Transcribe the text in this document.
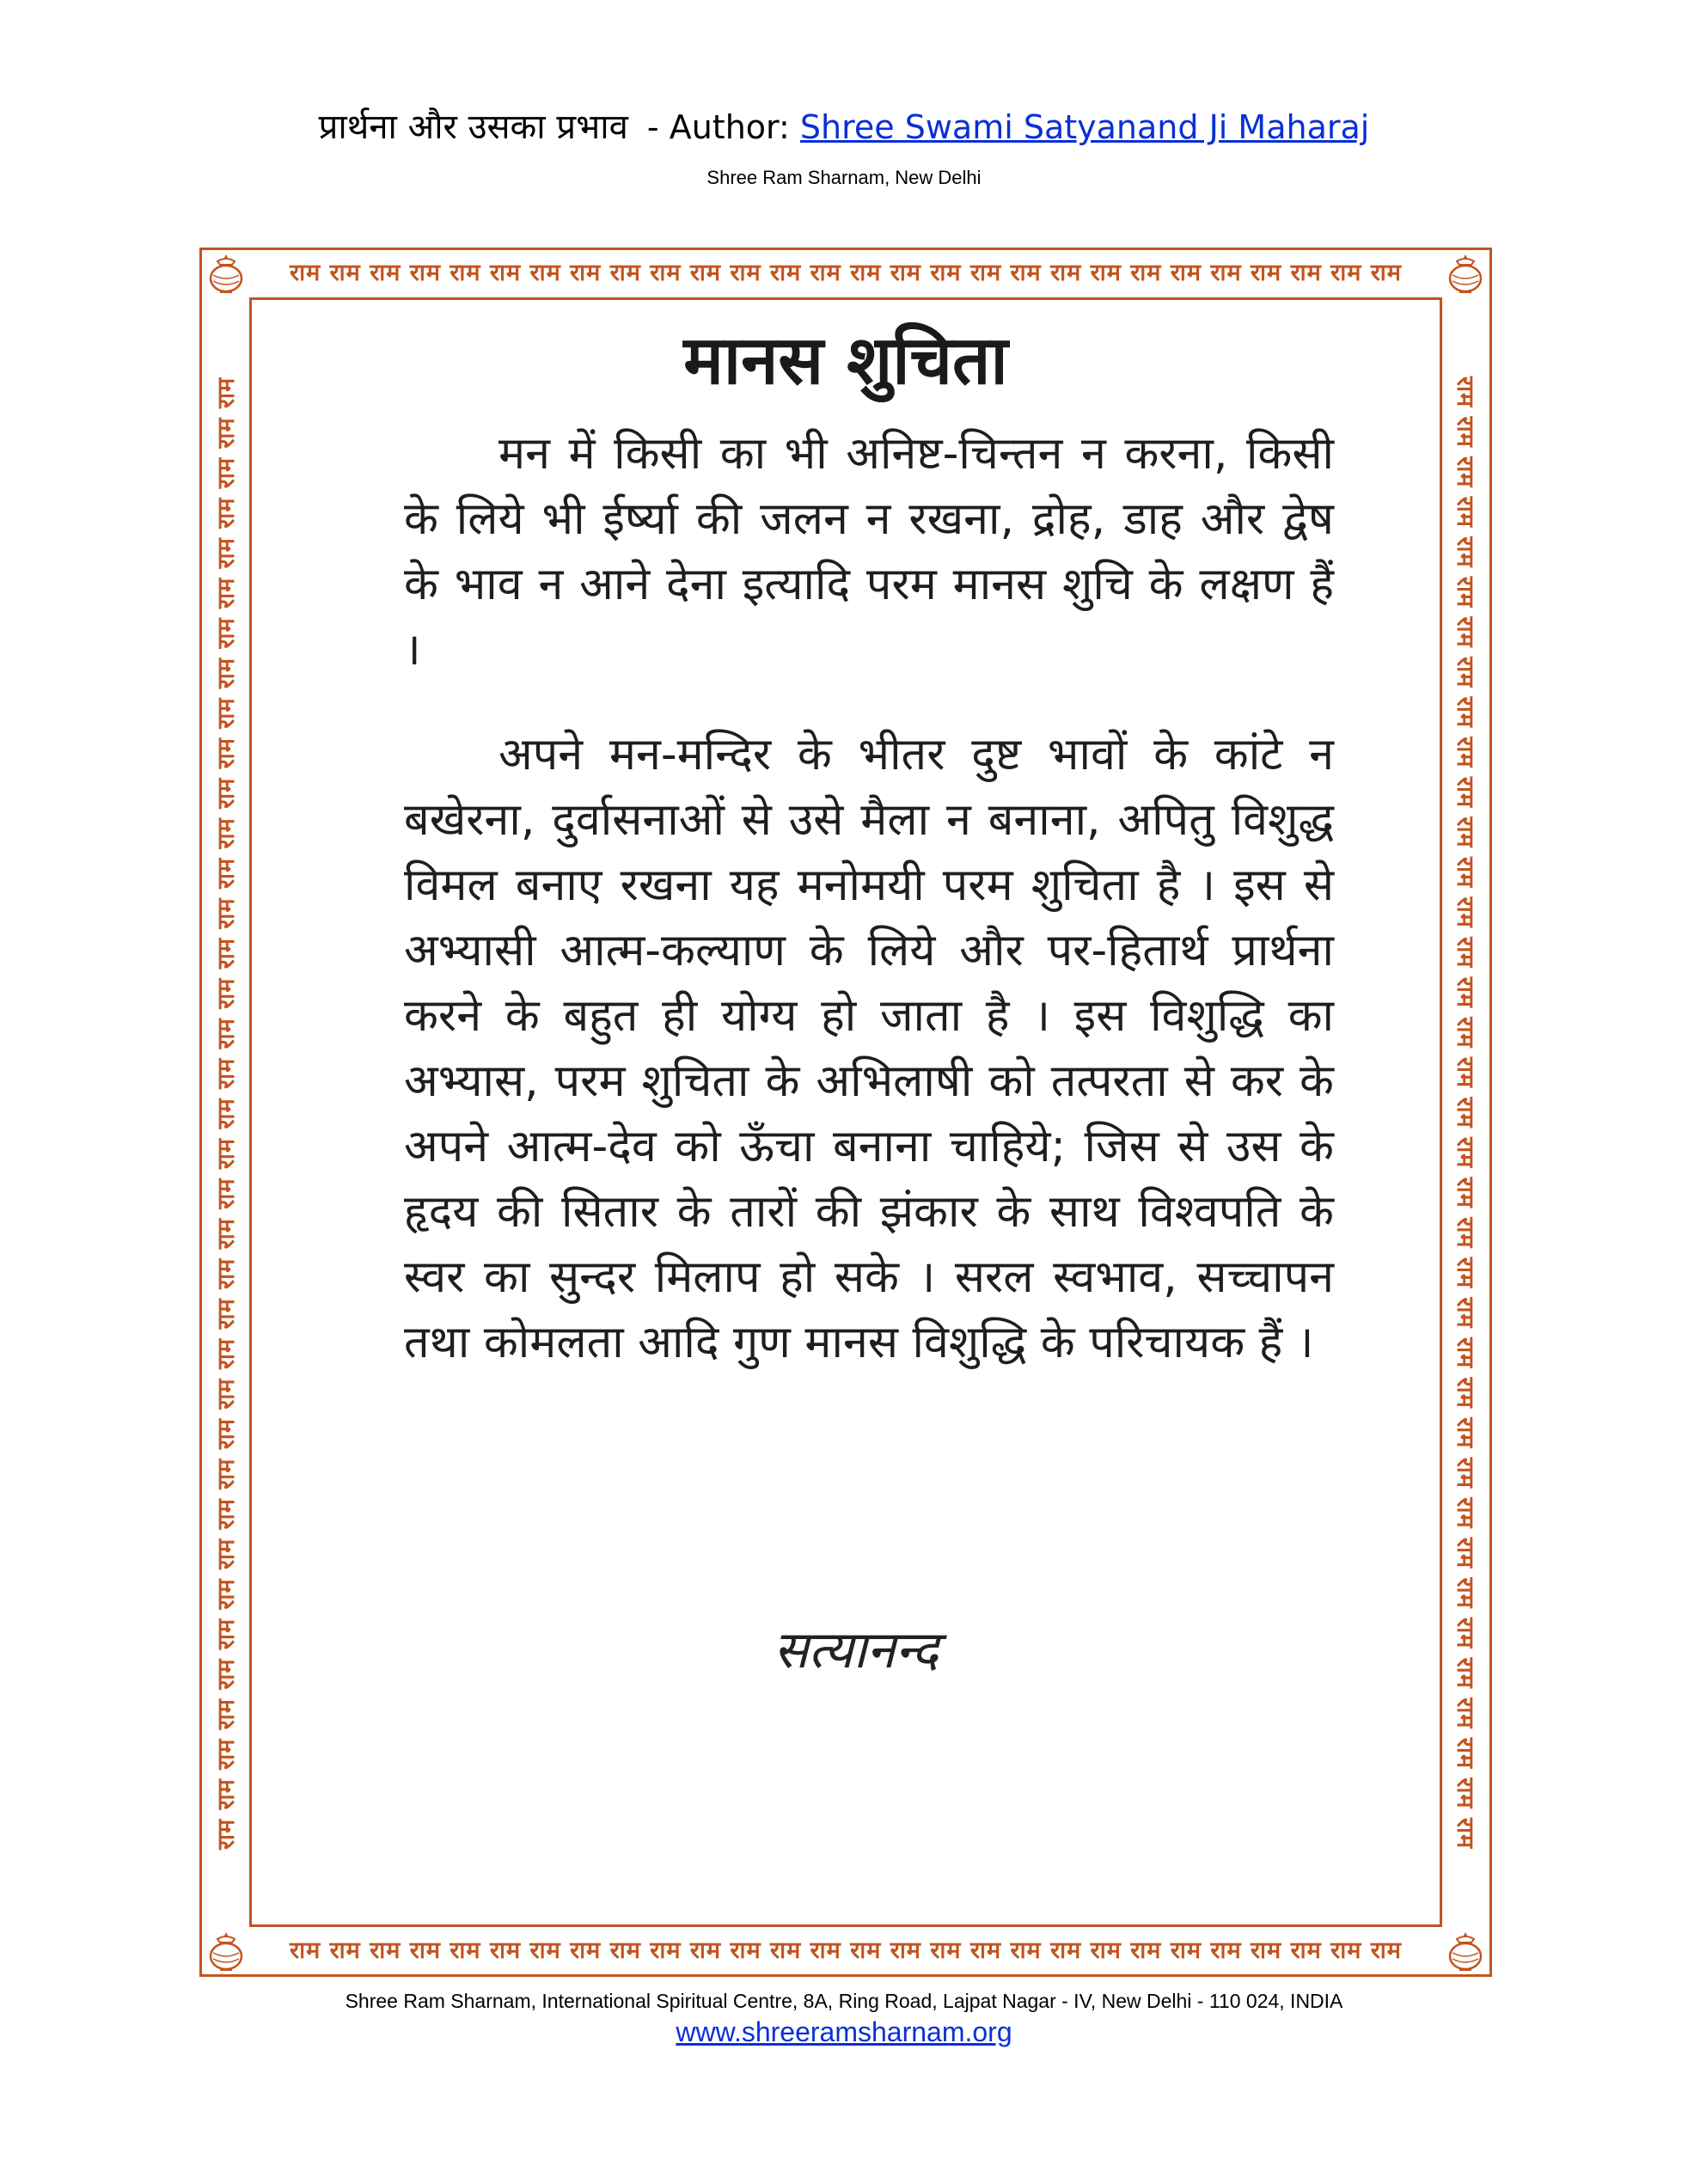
प्रार्थना और उसका प्रभाव - Author: Shree Swami Satyanand Ji Maharaj
Shree Ram Sharnam, New Delhi
राम राम राम राम राम राम राम राम राम राम राम राम राम राम राम राम राम राम राम राम राम राम राम राम राम राम राम राम
राम राम राम राम राम राम राम राम राम राम राम राम राम राम राम राम राम राम राम राम राम राम राम राम राम राम राम राम
राम राम राम राम राम राम राम राम राम राम राम राम राम राम राम राम राम राम राम राम राम राम राम राम राम राम राम राम राम राम राम राम राम राम राम राम राम	राम राम राम राम राम राम राम राम राम राम राम राम राम राम राम राम राम राम राम राम राम राम राम राम राम राम राम राम राम राम राम राम राम राम राम राम राम
मानस शुचिता
मन में किसी का भी अनिष्ट-चिन्तन न करना, किसी के लिये भी ईर्ष्या की जलन न रखना, द्रोह, डाह और द्वेष के भाव न आने देना इत्यादि परम मानस शुचि के लक्षण हैं ।
अपने मन-मन्दिर के भीतर दुष्ट भावों के कांटे न बखेरना, दुर्वासनाओं से उसे मैला न बनाना, अपितु विशुद्ध विमल बनाए रखना यह मनोमयी परम शुचिता है । इस से अभ्यासी आत्म-कल्याण के लिये और पर-हितार्थ प्रार्थना करने के बहुत ही योग्य हो जाता है । इस विशुद्धि का अभ्यास, परम शुचिता के अभिलाषी को तत्परता से कर के अपने आत्म-देव को ऊँचा बनाना चाहिये; जिस से उस के हृदय की सितार के तारों की झंकार के साथ विश्वपति के स्वर का सुन्दर मिलाप हो सके । सरल स्वभाव, सच्चापन तथा कोमलता आदि गुण मानस विशुद्धि के परिचायक हैं ।
सत्यानन्द
Shree Ram Sharnam, International Spiritual Centre, 8A, Ring Road, Lajpat Nagar - IV, New Delhi - 110 024, INDIA
www.shreeramsharnam.org
